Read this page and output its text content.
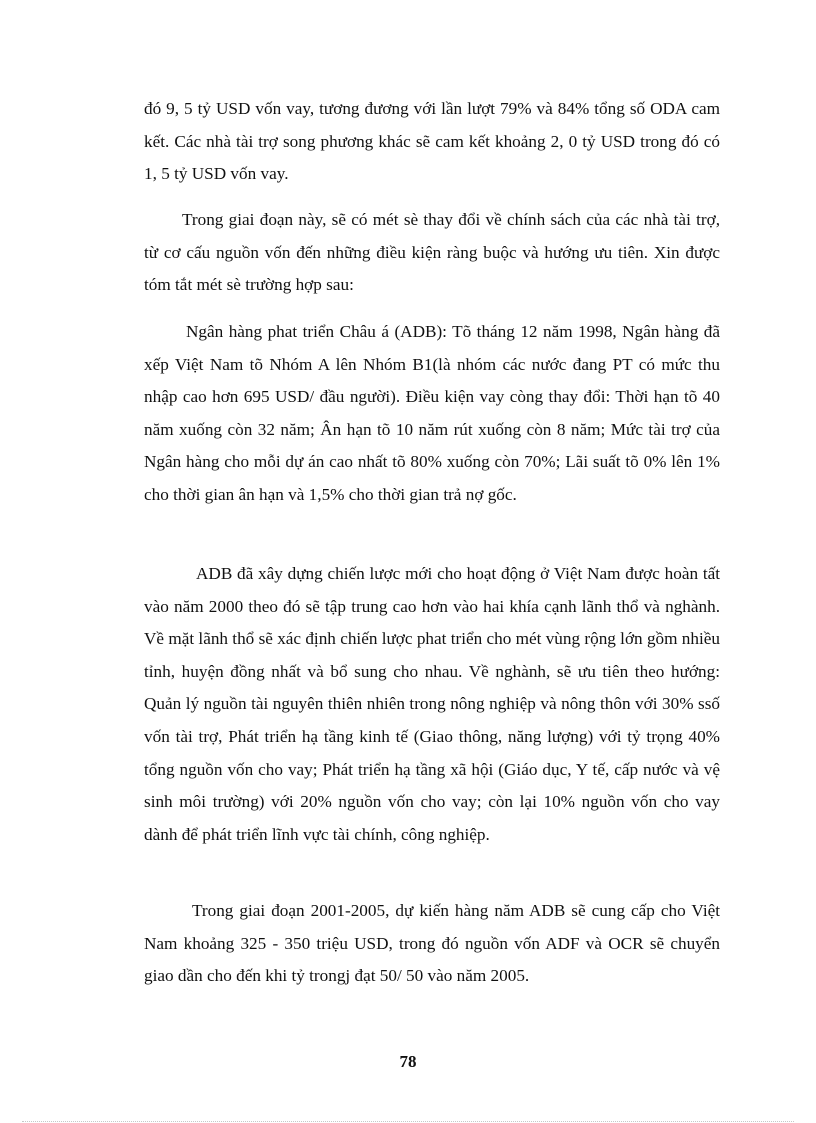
đó 9, 5 tỷ USD vốn vay, tương đương với lần lượt 79% và 84% tổng số ODA cam kết. Các nhà tài trợ song phương khác sẽ cam kết khoảng 2, 0 tỷ USD trong đó có 1, 5 tỷ USD vốn vay.

Trong giai đoạn này, sẽ có mét sè thay đổi về chính sách của các nhà tài trợ, từ cơ cấu nguồn vốn đến những điều kiện ràng buộc và hướng ưu tiên. Xin được tóm tắt mét sè trường hợp sau:

Ngân hàng phat triển Châu á (ADB): Tõ tháng 12 năm 1998, Ngân hàng đã xếp Việt Nam tõ Nhóm A lên Nhóm B1(là nhóm các nước đang PT có mức thu nhập cao hơn 695 USD/ đầu người). Điều kiện vay còng thay đổi: Thời hạn tõ 40 năm xuống còn 32 năm; Ân hạn tõ 10 năm rút xuống còn 8 năm; Mức tài trợ của Ngân hàng cho mỗi dự án cao nhất tõ 80% xuống còn 70%; Lãi suất tõ 0% lên 1% cho thời gian ân hạn và 1,5% cho thời gian trả nợ gốc.

ADB đã xây dựng chiến lược mới cho hoạt động ở Việt Nam được hoàn tất vào năm 2000 theo đó sẽ tập trung cao hơn vào hai khía cạnh lãnh thổ và nghành. Về mặt lãnh thổ sẽ xác định chiến lược phat triển cho mét vùng rộng lớn gồm nhiều tỉnh, huyện đồng nhất và bổ sung cho nhau. Về nghành, sẽ ưu tiên theo hướng: Quản lý nguồn tài nguyên thiên nhiên trong nông nghiệp và nông thôn với 30% ssố vốn tài trợ, Phát triển hạ tầng kinh tế (Giao thông, năng lượng) với tỷ trọng 40% tổng nguồn vốn cho vay; Phát triển hạ tầng xã hội (Giáo dục, Y tế, cấp nước và vệ sinh môi trường) với 20% nguồn vốn cho vay; còn lại 10% nguồn vốn cho vay dành để phát triển lĩnh vực tài chính, công nghiệp.

Trong giai đoạn 2001-2005, dự kiến hàng năm ADB sẽ cung cấp cho Việt Nam khoảng 325 - 350 triệu USD, trong đó nguồn vốn ADF và OCR sẽ chuyển giao dần cho đến khi tỷ trongj đạt 50/ 50 vào năm 2005.

78
